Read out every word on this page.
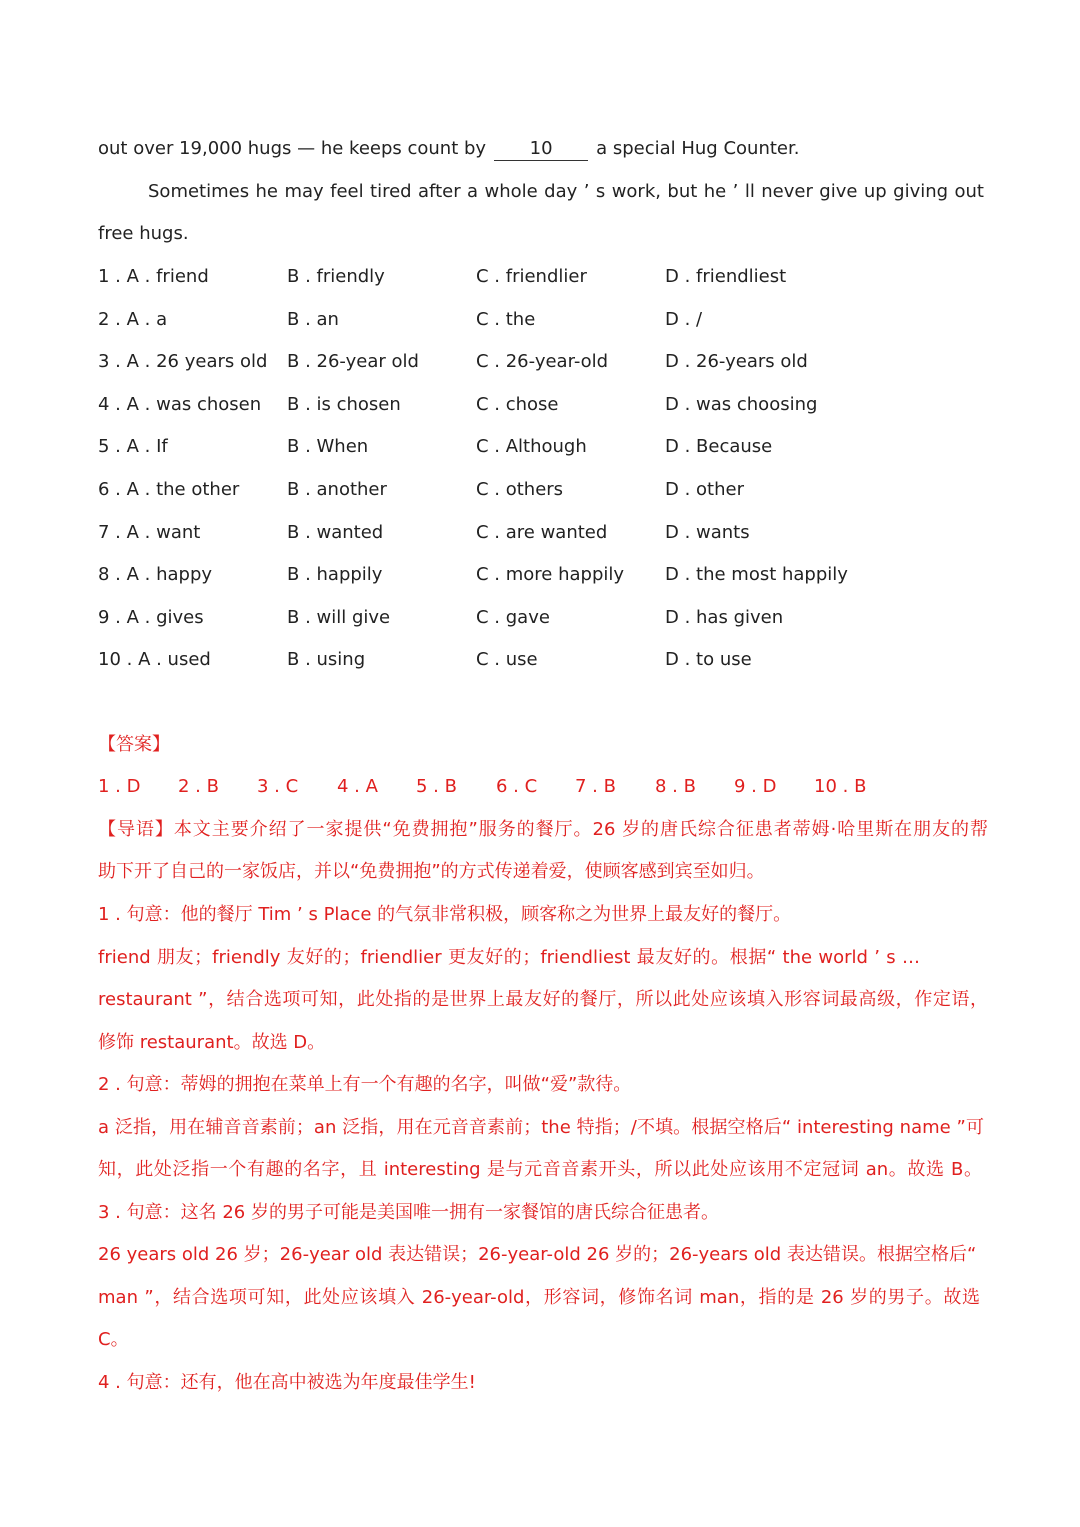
out over 19,000 hugs — he keeps count by 10 a special Hug Counter.
Sometimes he may feel tired after a whole day ’ s work, but he ’ ll never give up giving out
free hugs.
1 . A . friend	B . friendly	C . friendlier	D . friendliest
2 . A . a	B . an	C . the	D . /
3 . A . 26 years old B . 26-year old	C . 26-year-old	D . 26-years old
4 . A . was chosen B . is chosen	C . chose	D . was choosing
5 . A . If	B . When	C . Although	D . Because
6 . A . the other	B . another	C . others	D . other
7 . A . want	B . wanted	C . are wanted	D . wants
8 . A . happy	B . happily	C . more happily D . the most happily
9 . A . gives	B . will give	C . gave	D . has given
10 . A . used	B . using	C . use	D . to use
【答案】
1 . D 2 . B 3 . C 4 . A 5 . B 6 . C 7 . B 8 . B 9 . D 10 . B
【导语】本文主要介绍了一家提供“免费拥抱”服务的餐厅。26 岁的唐氏综合征患者蒂姆·哈里斯在朋友的帮
助下开了自己的一家饭店，并以“免费拥抱”的方式传递着爱，使顾客感到宾至如归。
1 . 句意：他的餐厅 Tim ’ s Place 的气氛非常积极，顾客称之为世界上最友好的餐厅。
friend 朋友；friendly 友好的；friendlier 更友好的；friendliest 最友好的。根据“ the world ’ s …
restaurant ”，结合选项可知，此处指的是世界上最友好的餐厅，所以此处应该填入形容词最高级，作定语，
修饰 restaurant。故选 D。
2 . 句意：蒂姆的拥抱在菜单上有一个有趣的名字，叫做“爱”款待。
a 泛指，用在辅音音素前；an 泛指，用在元音音素前；the 特指；/不填。根据空格后“ interesting name ”可
知，此处泛指一个有趣的名字，且 interesting 是与元音音素开头，所以此处应该用不定冠词 an。故选 B。
3 . 句意：这名 26 岁的男子可能是美国唯一拥有一家餐馆的唐氏综合征患者。
26 years old 26 岁；26-year old 表达错误；26-year-old 26 岁的；26-years old 表达错误。根据空格后“
man ”，结合选项可知，此处应该填入 26-year-old，形容词，修饰名词 man，指的是 26 岁的男子。故选
C。
4 . 句意：还有，他在高中被选为年度最佳学生!
